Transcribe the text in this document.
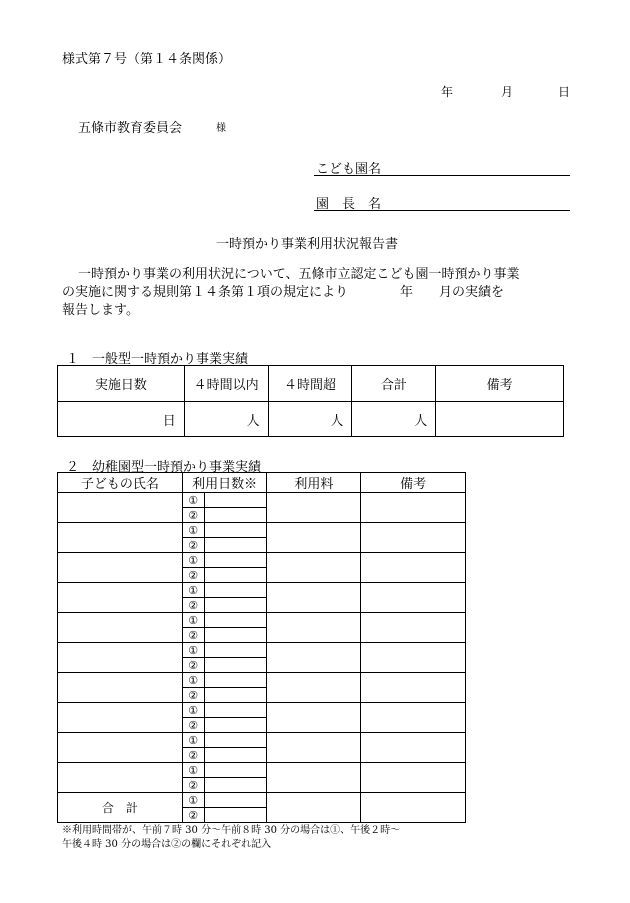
様式第７号（第１４条関係）
年	月	日
五條市教育委員会	様
こども園名
園　長　名
一時預かり事業利用状況報告書
一時預かり事業の利用状況について、五條市立認定こども園一時預かり事業
の実施に関する規則第１４条第１項の規定により　　　　年　　月の実績を
報告します。
１　一般型一時預かり事業実績
実施日数	４時間以内	４時間超	合計	備考
日	人	人	人	
２　幼稚園型一時預かり事業実績
子どもの氏名	利用日数※		利用料	備考
	①			
	②			
	①			
	②			
	①			
	②			
	①			
	②			
	①			
	②			
	①			
	②			
	①			
	②			
	①			
	②			
	①			
	②			
	①			
	②			
合　計	①			
	②			
※利用時間帯が、午前７時 30 分～午前８時 30 分の場合は①、午後２時～
午後４時 30 分の場合は②の欄にそれぞれ記入
